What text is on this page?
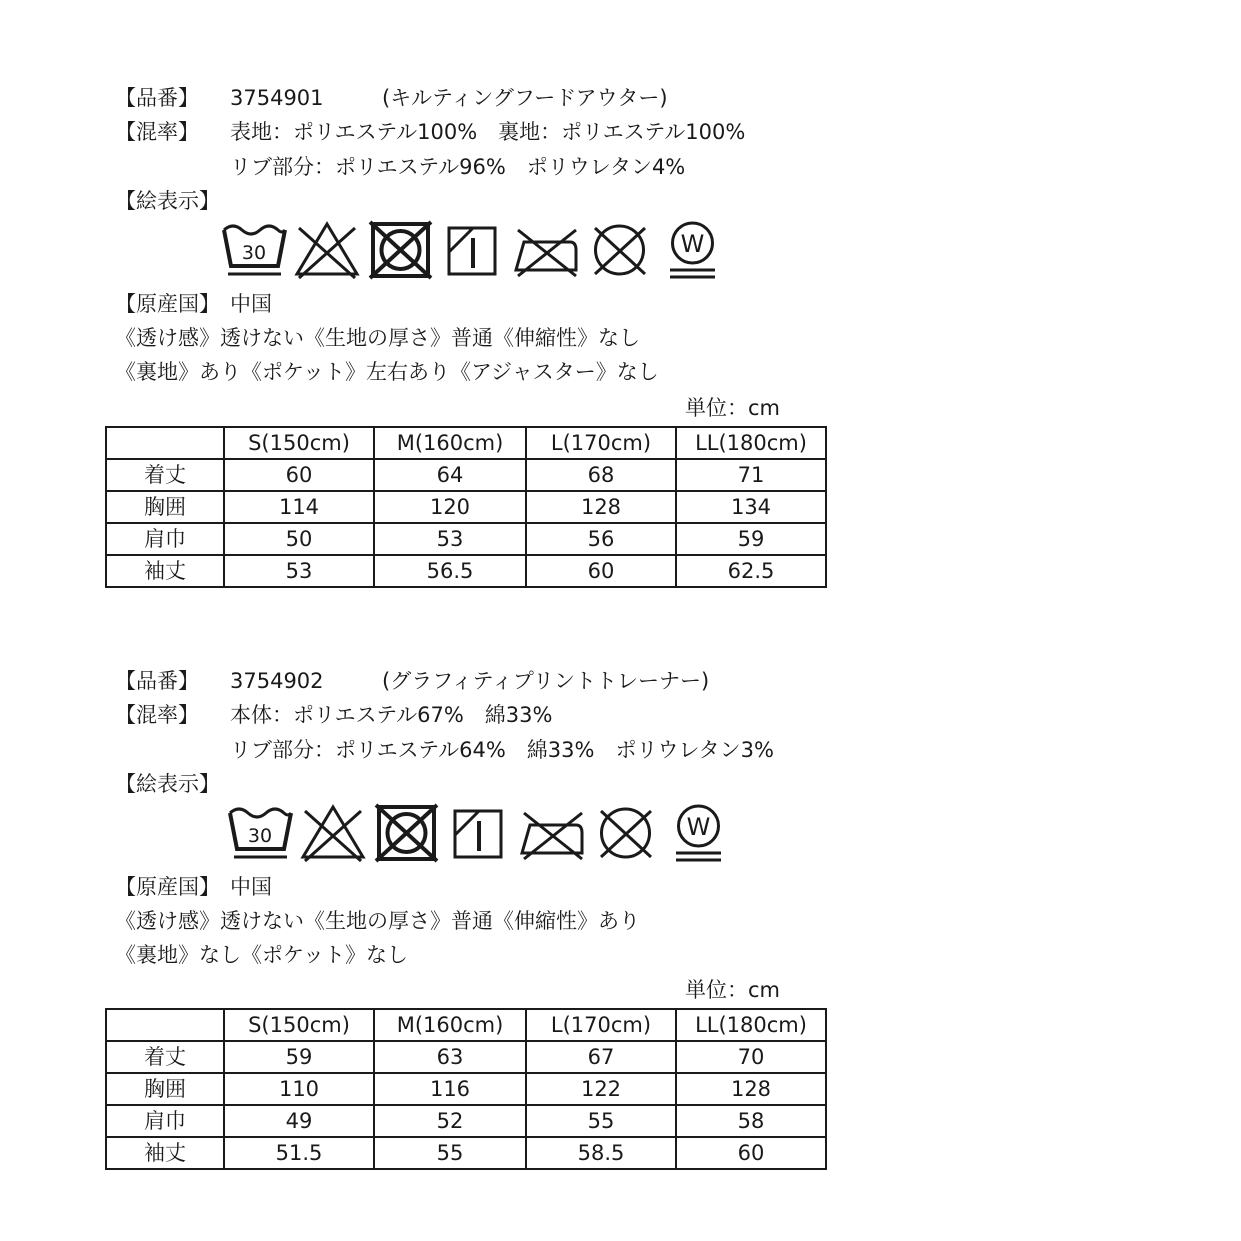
【品番】 3754901	(キルティングフードアウター)
【混率】 表地：ポリエステル100%　裏地：ポリエステル100%
リブ部分：ポリエステル96%　ポリウレタン4%
【絵表示】
30	W
【原産国】 中国
《透け感》透けない《生地の厚さ》普通《伸縮性》なし
《裏地》あり《ポケット》左右あり《アジャスター》なし
単位：cm
	S(150cm)	M(160cm)	L(170cm)	LL(180cm)
着丈	60	64	68	71
胸囲	114	120	128	134
肩巾	50	53	56	59
袖丈	53	56.5	60	62.5
【品番】 3754902	(グラフィティプリントトレーナー)
【混率】 本体：ポリエステル67%　綿33%
リブ部分：ポリエステル64%　綿33%　ポリウレタン3%
【絵表示】
30	W
【原産国】 中国
《透け感》透けない《生地の厚さ》普通《伸縮性》あり
《裏地》なし《ポケット》なし
単位：cm
	S(150cm)	M(160cm)	L(170cm)	LL(180cm)
着丈	59	63	67	70
胸囲	110	116	122	128
肩巾	49	52	55	58
袖丈	51.5	55	58.5	60
